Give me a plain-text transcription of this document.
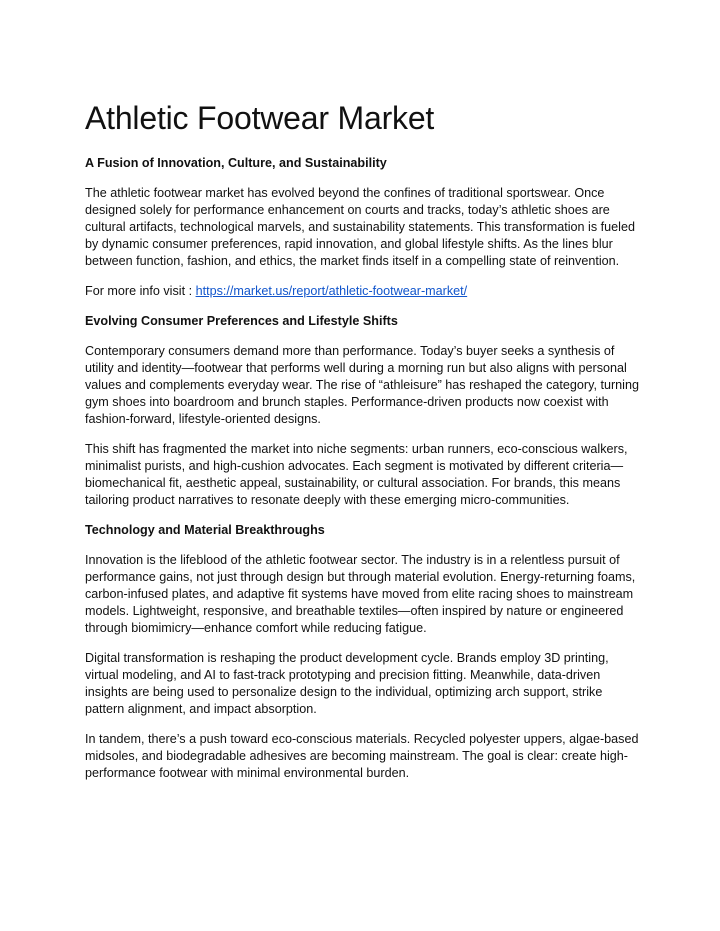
Athletic Footwear Market
A Fusion of Innovation, Culture, and Sustainability

The athletic footwear market has evolved beyond the confines of traditional sportswear. Once designed solely for performance enhancement on courts and tracks, today’s athletic shoes are cultural artifacts, technological marvels, and sustainability statements. This transformation is fueled by dynamic consumer preferences, rapid innovation, and global lifestyle shifts. As the lines blur between function, fashion, and ethics, the market finds itself in a compelling state of reinvention.

For more info visit : https://market.us/report/athletic-footwear-market/

Evolving Consumer Preferences and Lifestyle Shifts

Contemporary consumers demand more than performance. Today’s buyer seeks a synthesis of utility and identity—footwear that performs well during a morning run but also aligns with personal values and complements everyday wear. The rise of “athleisure” has reshaped the category, turning gym shoes into boardroom and brunch staples. Performance-driven products now coexist with fashion-forward, lifestyle-oriented designs.

This shift has fragmented the market into niche segments: urban runners, eco-conscious walkers, minimalist purists, and high-cushion advocates. Each segment is motivated by different criteria—biomechanical fit, aesthetic appeal, sustainability, or cultural association. For brands, this means tailoring product narratives to resonate deeply with these emerging micro-communities.

Technology and Material Breakthroughs

Innovation is the lifeblood of the athletic footwear sector. The industry is in a relentless pursuit of performance gains, not just through design but through material evolution. Energy-returning foams, carbon-infused plates, and adaptive fit systems have moved from elite racing shoes to mainstream models. Lightweight, responsive, and breathable textiles—often inspired by nature or engineered through biomimicry—enhance comfort while reducing fatigue.

Digital transformation is reshaping the product development cycle. Brands employ 3D printing, virtual modeling, and AI to fast-track prototyping and precision fitting. Meanwhile, data-driven insights are being used to personalize design to the individual, optimizing arch support, strike pattern alignment, and impact absorption.

In tandem, there’s a push toward eco-conscious materials. Recycled polyester uppers, algae-based midsoles, and biodegradable adhesives are becoming mainstream. The goal is clear: create high-performance footwear with minimal environmental burden.
